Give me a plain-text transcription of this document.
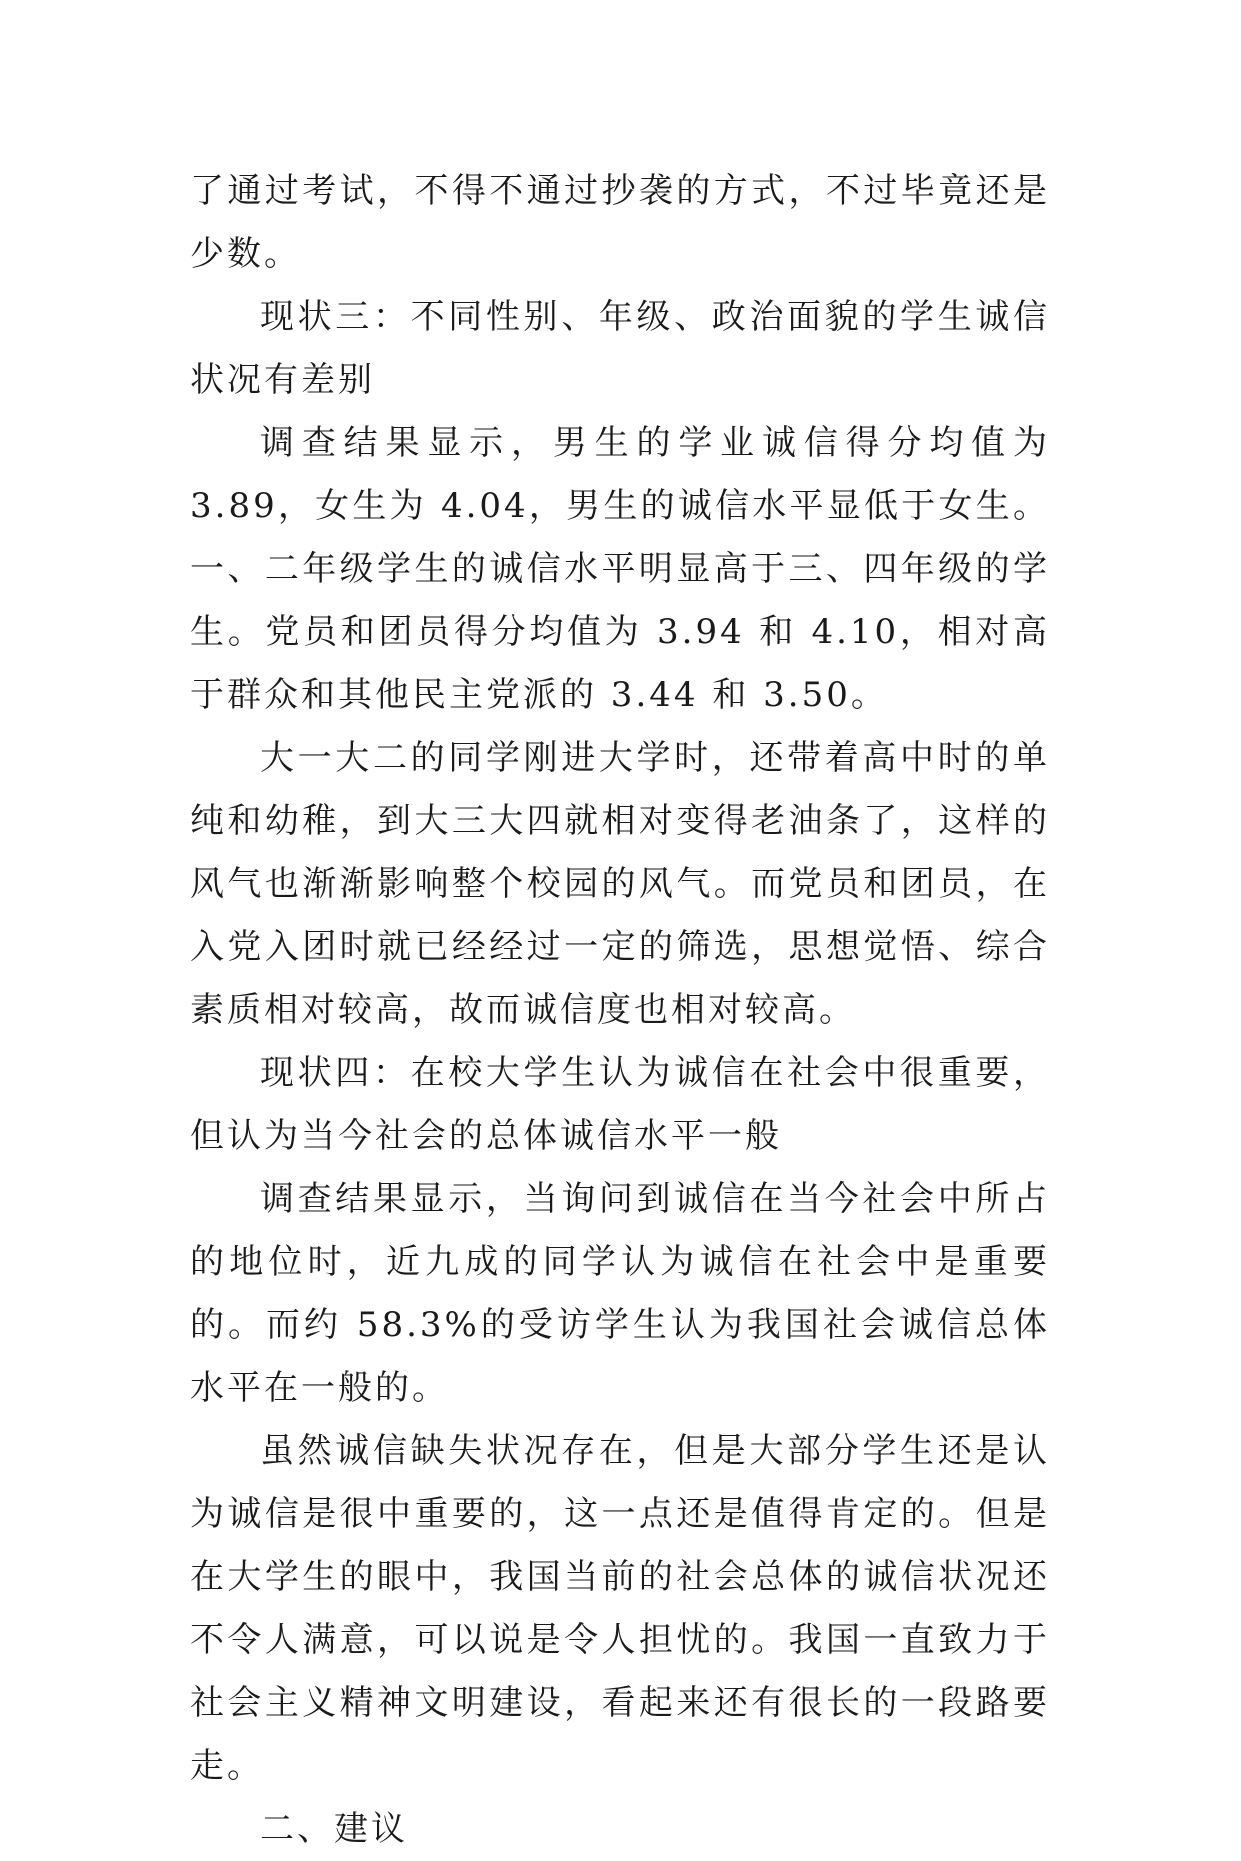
了通过考试，不得不通过抄袭的方式，不过毕竟还是少数。

现状三：不同性别、年级、政治面貌的学生诚信状况有差别

调查结果显示，男生的学业诚信得分均值为 3.89，女生为 4.04，男生的诚信水平显低于女生。一、二年级学生的诚信水平明显高于三、四年级的学生。党员和团员得分均值为 3.94 和 4.10，相对高于群众和其他民主党派的 3.44 和 3.50。

大一大二的同学刚进大学时，还带着高中时的单纯和幼稚，到大三大四就相对变得老油条了，这样的风气也渐渐影响整个校园的风气。而党员和团员，在入党入团时就已经经过一定的筛选，思想觉悟、综合素质相对较高，故而诚信度也相对较高。

现状四：在校大学生认为诚信在社会中很重要，但认为当今社会的总体诚信水平一般

调查结果显示，当询问到诚信在当今社会中所占的地位时，近九成的同学认为诚信在社会中是重要的。而约 58.3%的受访学生认为我国社会诚信总体水平在一般的。

虽然诚信缺失状况存在，但是大部分学生还是认为诚信是很中重要的，这一点还是值得肯定的。但是在大学生的眼中，我国当前的社会总体的诚信状况还不令人满意，可以说是令人担忧的。我国一直致力于社会主义精神文明建设，看起来还有很长的一段路要走。

二、建议
